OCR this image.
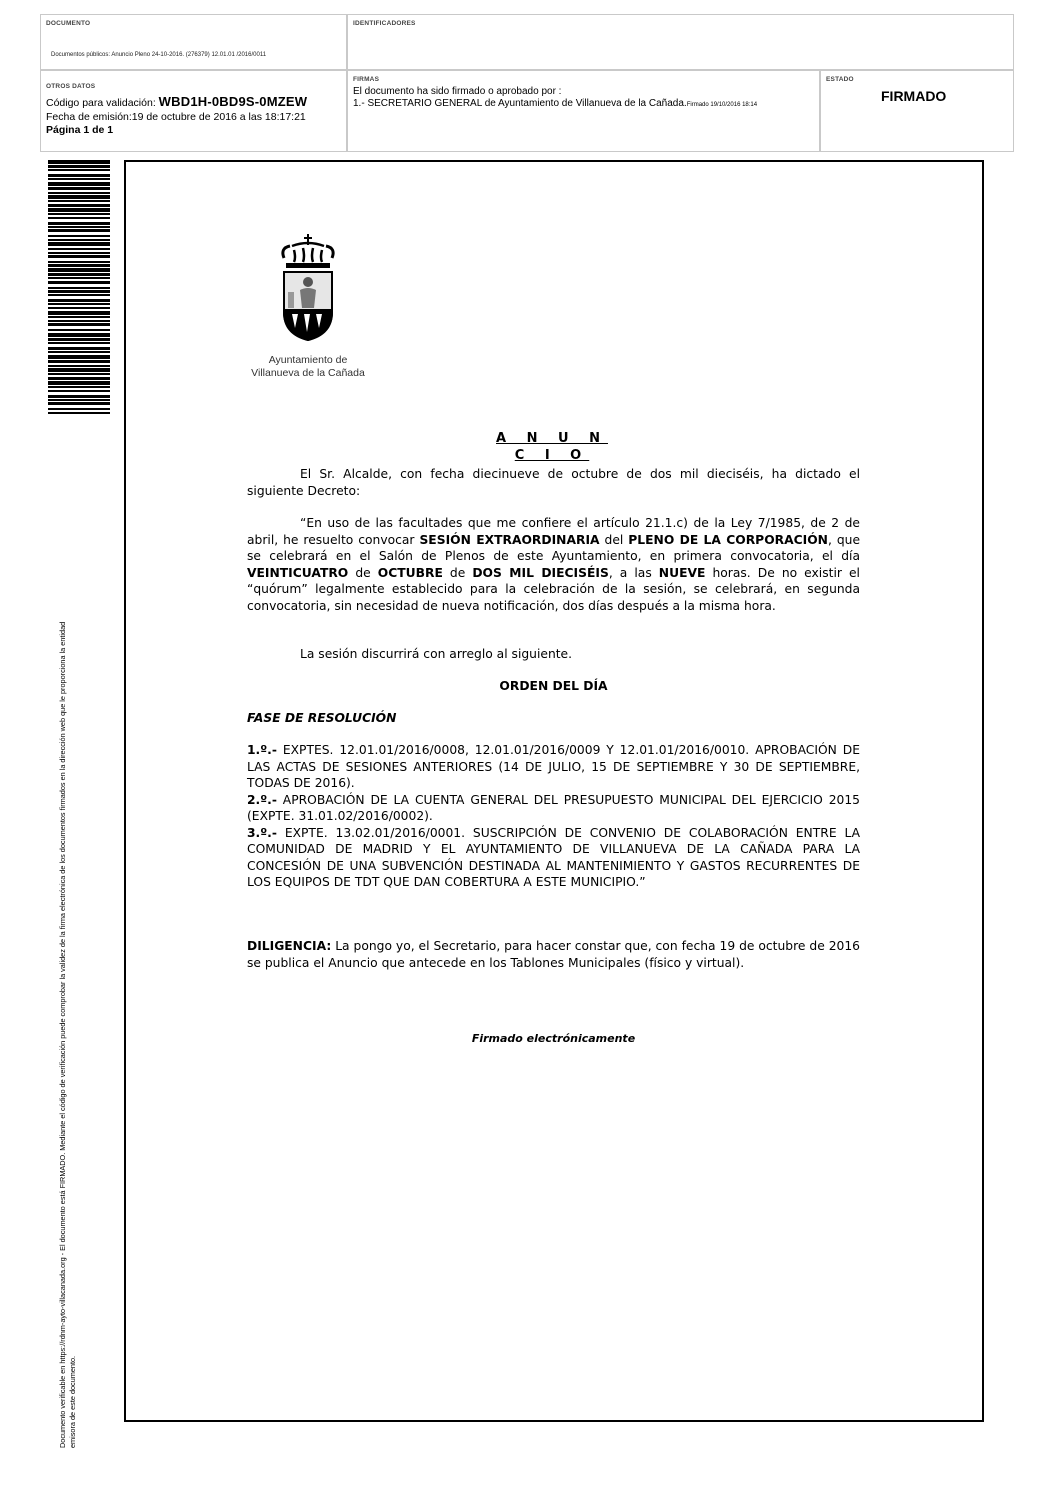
DOCUMENTO
Documentos públicos: Anuncio Pleno 24-10-2016. (276379) 12.01.01 /2016/0011
IDENTIFICADORES
OTROS DATOS
Código para validación: WBD1H-0BD9S-0MZEW
Fecha de emisión:19 de octubre de 2016 a las 18:17:21
Página 1 de 1
FIRMAS
El documento ha sido firmado o aprobado por :
1.- SECRETARIO GENERAL de Ayuntamiento de Villanueva de la Cañada.Firmado 19/10/2016 18:14
ESTADO
FIRMADO
Documento verificable en https://rdnm-ayto-villacanada.org - El documento está FIRMADO. Mediante el código de verificación puede comprobar la validez de la firma electrónica de los documentos firmados en la dirección web que le proporciona la entidad emisora de este documento.
Ayuntamiento de
Villanueva de la Cañada
A N U N C I O
El Sr. Alcalde, con fecha diecinueve de octubre de dos mil dieciséis, ha dictado el siguiente Decreto:
“En uso de las facultades que me confiere el artículo 21.1.c) de la Ley 7/1985, de 2 de abril, he resuelto convocar SESIÓN EXTRAORDINARIA del PLENO DE LA CORPORACIÓN, que se celebrará en el Salón de Plenos de este Ayuntamiento, en primera convocatoria, el día VEINTICUATRO de OCTUBRE de DOS MIL DIECISÉIS, a las NUEVE horas. De no existir el “quórum” legalmente establecido para la celebración de la sesión, se celebrará, en segunda convocatoria, sin necesidad de nueva notificación, dos días después a la misma hora.
La sesión discurrirá con arreglo al siguiente.
ORDEN DEL DÍA
FASE DE RESOLUCIÓN
1.º.- EXPTES. 12.01.01/2016/0008, 12.01.01/2016/0009 Y 12.01.01/2016/0010. APROBACIÓN DE LAS ACTAS DE SESIONES ANTERIORES (14 DE JULIO, 15 DE SEPTIEMBRE Y 30 DE SEPTIEMBRE, TODAS DE 2016).
2.º.- APROBACIÓN DE LA CUENTA GENERAL DEL PRESUPUESTO MUNICIPAL DEL EJERCICIO 2015 (EXPTE. 31.01.02/2016/0002).
3.º.- EXPTE. 13.02.01/2016/0001. SUSCRIPCIÓN DE CONVENIO DE COLABORACIÓN ENTRE LA COMUNIDAD DE MADRID Y EL AYUNTAMIENTO DE VILLANUEVA DE LA CAÑADA PARA LA CONCESIÓN DE UNA SUBVENCIÓN DESTINADA AL MANTENIMIENTO Y GASTOS RECURRENTES DE LOS EQUIPOS DE TDT QUE DAN COBERTURA A ESTE MUNICIPIO.”
DILIGENCIA: La pongo yo, el Secretario, para hacer constar que, con fecha 19 de octubre de 2016 se publica el Anuncio que antecede en los Tablones Municipales (físico y virtual).
Firmado electrónicamente
